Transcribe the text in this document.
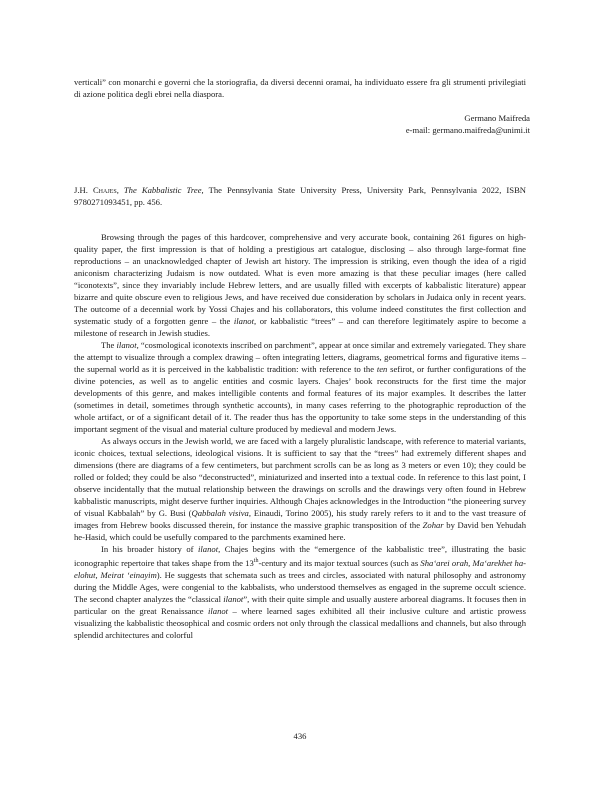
verticali” con monarchi e governi che la storiografia, da diversi decenni oramai, ha individuato essere fra gli strumenti privilegiati di azione politica degli ebrei nella diaspora.

Germano Maifreda
e-mail: germano.maifreda@unimi.it

J.H. Chajes, The Kabbalistic Tree, The Pennsylvania State University Press, University Park, Pennsylvania 2022, ISBN 9780271093451, pp. 456.

Browsing through the pages of this hardcover, comprehensive and very accurate book, containing 261 figures on high-quality paper, the first impression is that of holding a prestigious art catalogue, disclosing – also through large-format fine reproductions – an unacknowledged chapter of Jewish art history. The impression is striking, even though the idea of a rigid aniconism characterizing Judaism is now outdated. What is even more amazing is that these peculiar images (here called “iconotexts”, since they invariably include Hebrew letters, and are usually filled with excerpts of kabbalistic literature) appear bizarre and quite obscure even to religious Jews, and have received due consideration by scholars in Judaica only in recent years. The outcome of a decennial work by Yossi Chajes and his collaborators, this volume indeed constitutes the first collection and systematic study of a forgotten genre – the ilanot, or kabbalistic “trees” – and can therefore legitimately aspire to become a milestone of research in Jewish studies.

The ilanot, “cosmological iconotexts inscribed on parchment”, appear at once similar and extremely variegated. They share the attempt to visualize through a complex drawing – often integrating letters, diagrams, geometrical forms and figurative items – the supernal world as it is perceived in the kabbalistic tradition: with reference to the ten sefirot, or further configurations of the divine potencies, as well as to angelic entities and cosmic layers. Chajes’ book reconstructs for the first time the major developments of this genre, and makes intelligible contents and formal features of its major examples. It describes the latter (sometimes in detail, sometimes through synthetic accounts), in many cases referring to the photographic reproduction of the whole artifact, or of a significant detail of it. The reader thus has the opportunity to take some steps in the understanding of this important segment of the visual and material culture produced by medieval and modern Jews.

As always occurs in the Jewish world, we are faced with a largely pluralistic landscape, with reference to material variants, iconic choices, textual selections, ideological visions. It is sufficient to say that the “trees” had extremely different shapes and dimensions (there are diagrams of a few centimeters, but parchment scrolls can be as long as 3 meters or even 10); they could be rolled or folded; they could be also “deconstructed”, miniaturized and inserted into a textual code. In reference to this last point, I observe incidentally that the mutual relationship between the drawings on scrolls and the drawings very often found in Hebrew kabbalistic manuscripts, might deserve further inquiries. Although Chajes acknowledges in the Introduction “the pioneering survey of visual Kabbalah” by G. Busi (Qabbalah visiva, Einaudi, Torino 2005), his study rarely refers to it and to the vast treasure of images from Hebrew books discussed therein, for instance the massive graphic transposition of the Zohar by David ben Yehudah he-Hasid, which could be usefully compared to the parchments examined here.

In his broader history of ilanot, Chajes begins with the “emergence of the kabbalistic tree”, illustrating the basic iconographic repertoire that takes shape from the 13th-century and its major textual sources (such as Sha‘arei orah, Ma‘arekhet ha-elohut, Meirat ‘einayim). He suggests that schemata such as trees and circles, associated with natural philosophy and astronomy during the Middle Ages, were congenial to the kabbalists, who understood themselves as engaged in the supreme occult science. The second chapter analyzes the “classical ilanot”, with their quite simple and usually austere arboreal diagrams. It focuses then in particular on the great Renaissance ilanot – where learned sages exhibited all their inclusive culture and artistic prowess visualizing the kabbalistic theosophical and cosmic orders not only through the classical medallions and channels, but also through splendid architectures and colorful

436
